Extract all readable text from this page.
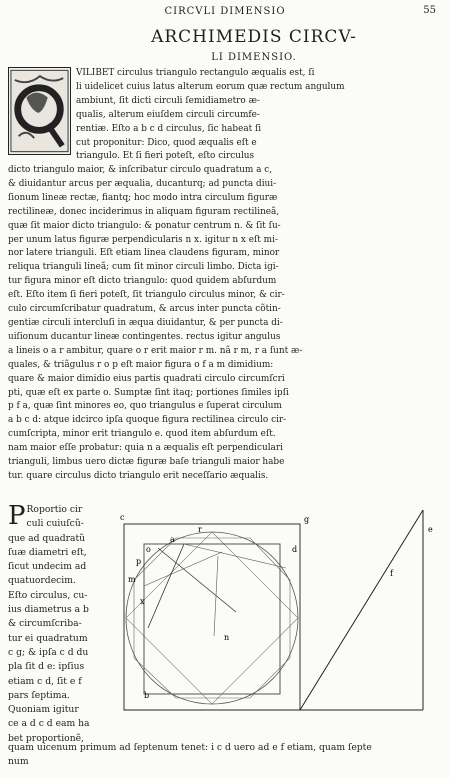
CIRCVLI DIMENSIO	55
ARCHIMEDIS CIRCV-
LI DIMENSIO.
VILIBET circulus triangulo rectangulo æqualis est, ſi
li uidelicet cuius latus alterum eorum quæ rectum angulum
ambiunt, ſit dicti circuli ſemidiametro æ-
qualis, alterum eiuſdem circuli circumfe-
rentiæ. Eſto a b c d circulus, ſic habeat ſi
cut proponitur: Dico, quod æqualis eſt e
triangulo. Et ſi fieri poteſt, eſto circulus
dicto triangulo maior, & inſcribatur circulo quadratum a c,
& diuidantur arcus per æqualia, ducanturq; ad puncta diui-
ſionum lineæ rectæ, fiantq; hoc modo intra circulum figuræ
rectilineæ, donec inciderimus in aliquam figuram rectilineã,
quæ ſit maior dicto triangulo: & ponatur centrum n. & ſit ſu-
per unum latus figuræ perpendicularis n x. igitur n x eſt mi-
nor latere trianguli. Eſt etiam linea claudens figuram, minor
reliqua trianguli lineã; cum ſit minor circuli limbo. Dicta igi-
tur figura minor eſt dicto triangulo: quod quidem abſurdum
eſt. Eſto item ſi fieri poteſt, ſit triangulo circulus minor, & cir-
culo circumſcribatur quadratum, & arcus inter puncta cõtin-
gentiæ circuli intercluſi in æqua diuidantur, & per puncta di-
uiſionum ducantur lineæ contingentes. rectus igitur angulus
a lineis o a r ambitur, quare o r erit maior r m. nã r m, r a ſunt æ-
quales, & triãgulus r o p eſt maior figura o f a m dimidium:
quare & maior dimidio eius partis quadrati circulo circumſcri
pti, quæ eſt ex parte o. Sumptæ ſint itaq; portiones ſimiles ipſi
p f a, quæ ſint minores eo, quo triangulus e ſuperat circulum
a b c d: atque idcirco ipſa quoque figura rectilinea circulo cir-
cumſcripta, minor erit triangulo e. quod item abſurdum eſt.
nam maior eſſe probatur: quia n a æqualis eſt perpendiculari
trianguli, limbus uero dictæ figuræ baſe trianguli maior habe
tur. quare circulus dicto triangulo erit neceſſario æqualis.
P Roportio cir
culi cuiuſcũ-
que ad quadratũ
ſuæ diametri eſt,
ſicut undecim ad
quatuordecim.
Eſto circulus, cu-
ius diametrus a b
& circumſcriba-
tur ei quadratum
c g; & ipſa c d du
pla ſit d e: ipſius
etiam c d, ſit e f
pars ſeptima.
Quoniam igitur
ce a d c d eam ha
bet proportionẽ,
c	g
a
d
o
r
x
n
b
m
p
f
e
quam uicenum primum ad ſeptenum tenet: i c d uero ad e f etiam, quam ſepte
num
